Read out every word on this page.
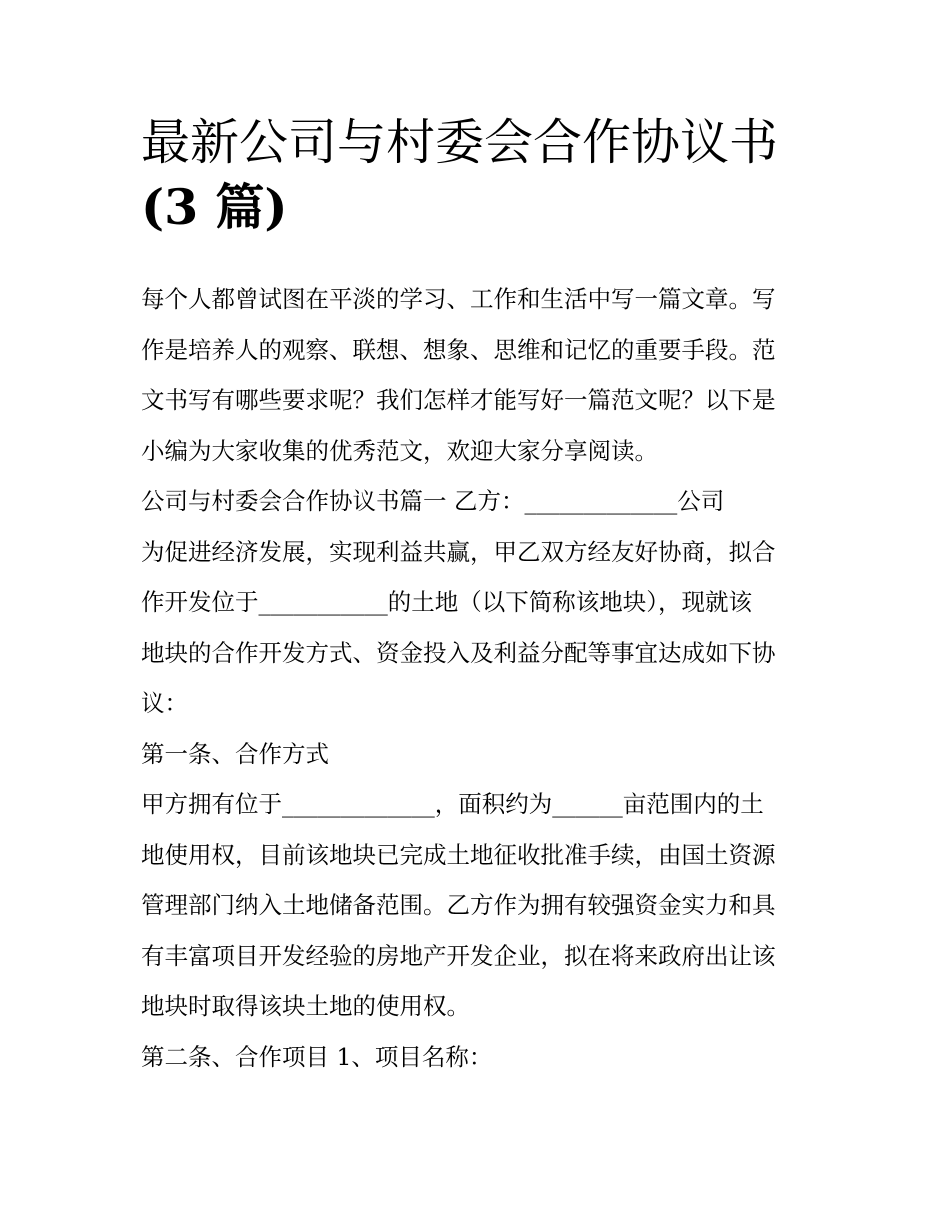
最新公司与村委会合作协议书
(3 篇)
每个人都曾试图在平淡的学习、工作和生活中写一篇文章。写
作是培养人的观察、联想、想象、思维和记忆的重要手段。范
文书写有哪些要求呢？我们怎样才能写好一篇范文呢？以下是
小编为大家收集的优秀范文，欢迎大家分享阅读。
公司与村委会合作协议书篇一 乙方：_____________公司
为促进经济发展，实现利益共赢，甲乙双方经友好协商，拟合
作开发位于___________的土地（以下简称该地块），现就该
地块的合作开发方式、资金投入及利益分配等事宜达成如下协
议：
第一条、合作方式
甲方拥有位于_____________，面积约为______亩范围内的土
地使用权，目前该地块已完成土地征收批准手续，由国土资源
管理部门纳入土地储备范围。乙方作为拥有较强资金实力和具
有丰富项目开发经验的房地产开发企业，拟在将来政府出让该
地块时取得该块土地的使用权。
第二条、合作项目 1、项目名称：
